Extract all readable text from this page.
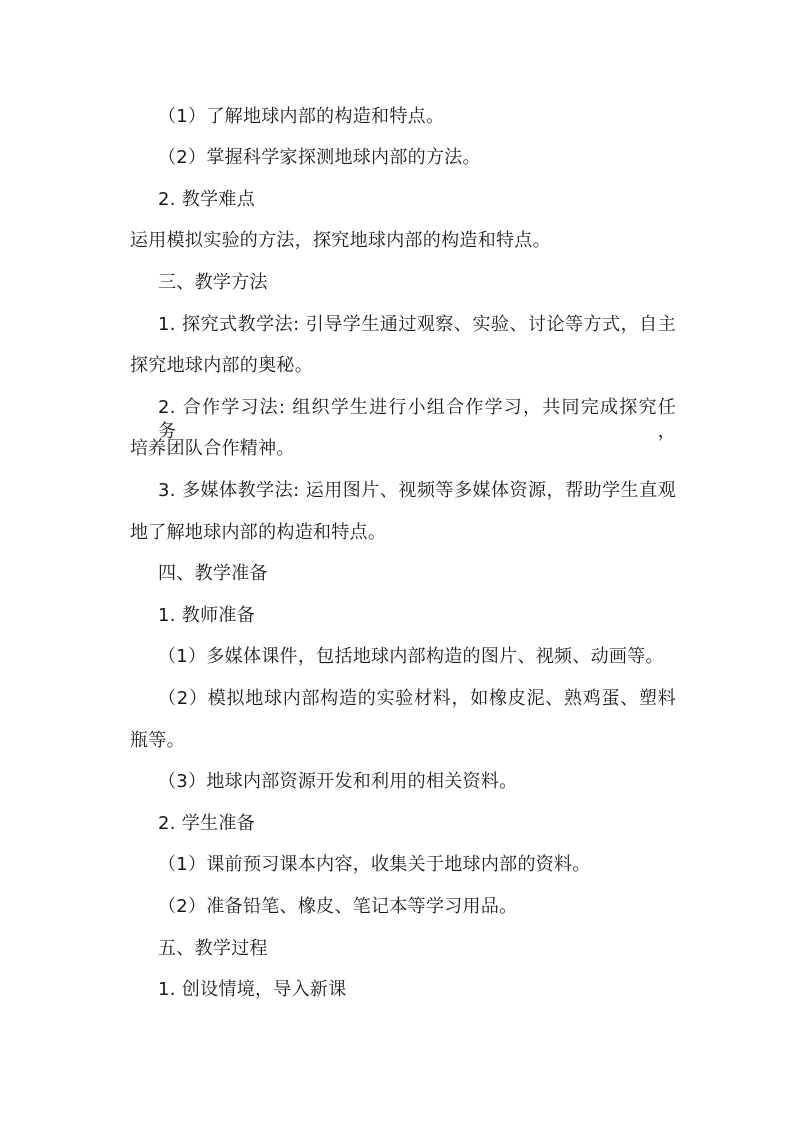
（1）了解地球内部的构造和特点。
（2）掌握科学家探测地球内部的方法。
2. 教学难点
运用模拟实验的方法，探究地球内部的构造和特点。
三、教学方法
1. 探究式教学法: 引导学生通过观察、实验、讨论等方式，自主
探究地球内部的奥秘。
2. 合作学习法: 组织学生进行小组合作学习，共同完成探究任务，
培养团队合作精神。
3. 多媒体教学法: 运用图片、视频等多媒体资源，帮助学生直观
地了解地球内部的构造和特点。
四、教学准备
1. 教师准备
（1）多媒体课件，包括地球内部构造的图片、视频、动画等。
（2）模拟地球内部构造的实验材料，如橡皮泥、熟鸡蛋、塑料
瓶等。
（3）地球内部资源开发和利用的相关资料。
2. 学生准备
（1）课前预习课本内容，收集关于地球内部的资料。
（2）准备铅笔、橡皮、笔记本等学习用品。
五、教学过程
1. 创设情境，导入新课
